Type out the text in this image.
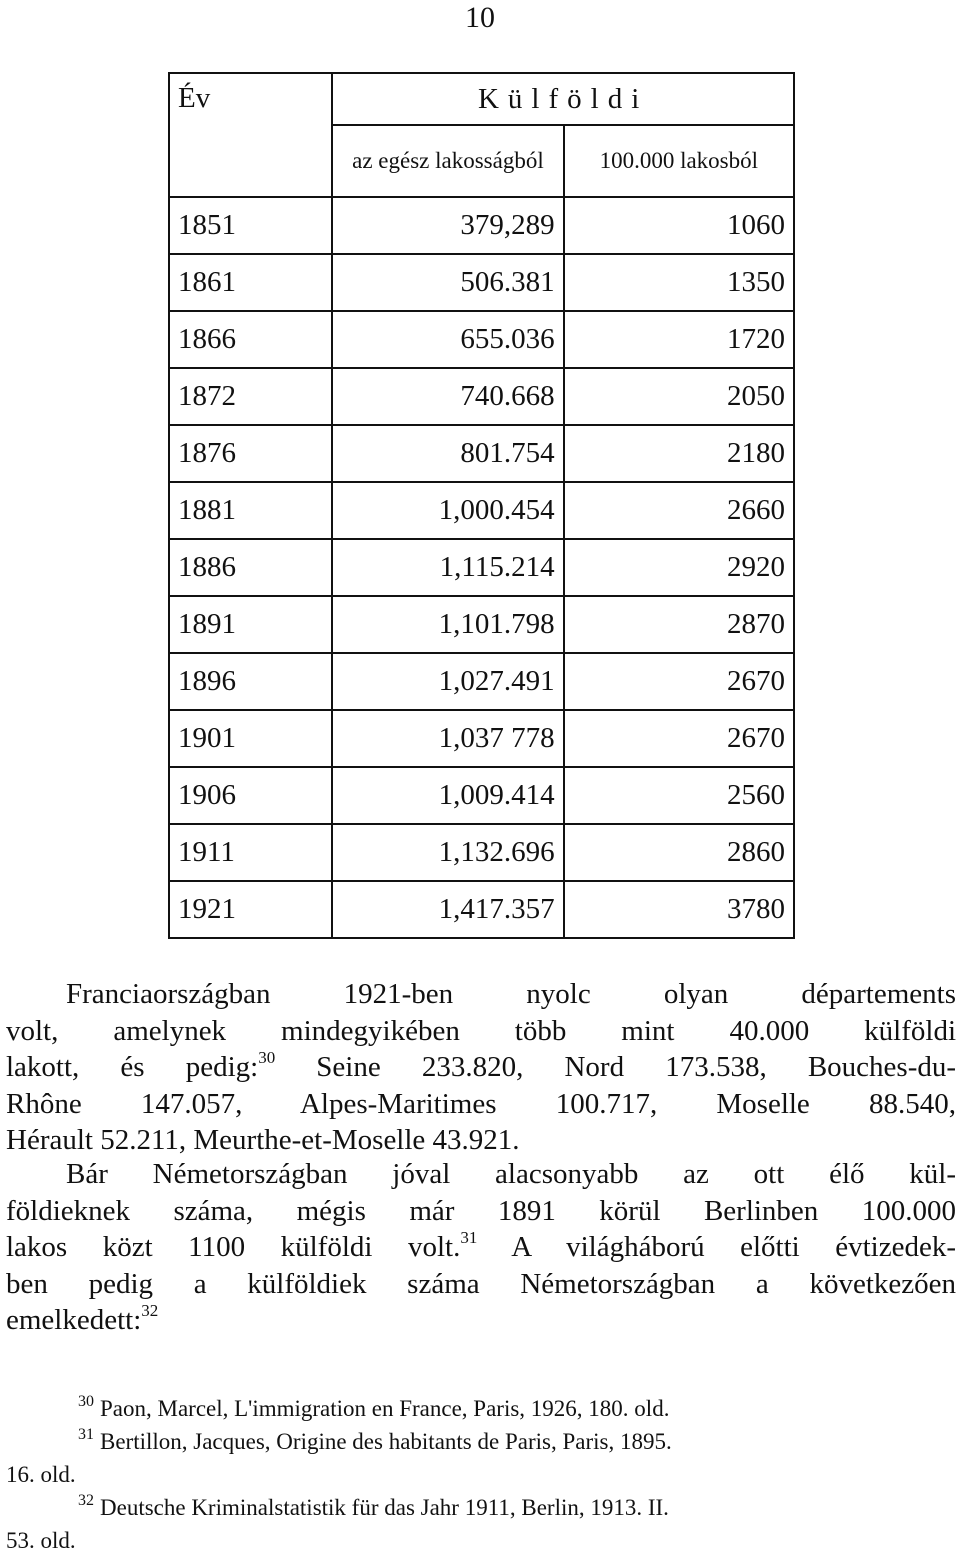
10
Év	Külföldi	
	az egész lakosságból	100.000 lakosból
1851	379,289	1060
1861	506.381	1350
1866	655.036	1720
1872	740.668	2050
1876	801.754	2180
1881	1,000.454	2660
1886	1,115.214	2920
1891	1,101.798	2870
1896	1,027.491	2670
1901	1,037 778	2670
1906	1,009.414	2560
1911	1,132.696	2860
1921	1,417.357	3780
Franciaországban 1921-ben nyolc olyan départements
volt, amelynek mindegyikében több mint 40.000 külföldi
lakott, és pedig:$^{30}$ Seine 233.820, Nord 173.538, Bouches-du-
Rhône 147.057, Alpes-Maritimes 100.717, Moselle 88.540,
Hérault 52.211, Meurthe-et-Moselle 43.921.
Bár Németországban jóval alacsonyabb az ott élő kül-
földieknek száma, mégis már 1891 körül Berlinben 100.000
lakos közt 1100 külföldi volt.$^{31}$ A világháború előtti évtizedek-
ben pedig a külföldiek száma Németországban a következően
emelkedett:$^{32}$
30 Paon, Marcel, L'immigration en France, Paris, 1926, 180. old.
31 Bertillon, Jacques, Origine des habitants de Paris, Paris, 1895.
16. old.
32 Deutsche Kriminalstatistik für das Jahr 1911, Berlin, 1913. II.
53. old.
